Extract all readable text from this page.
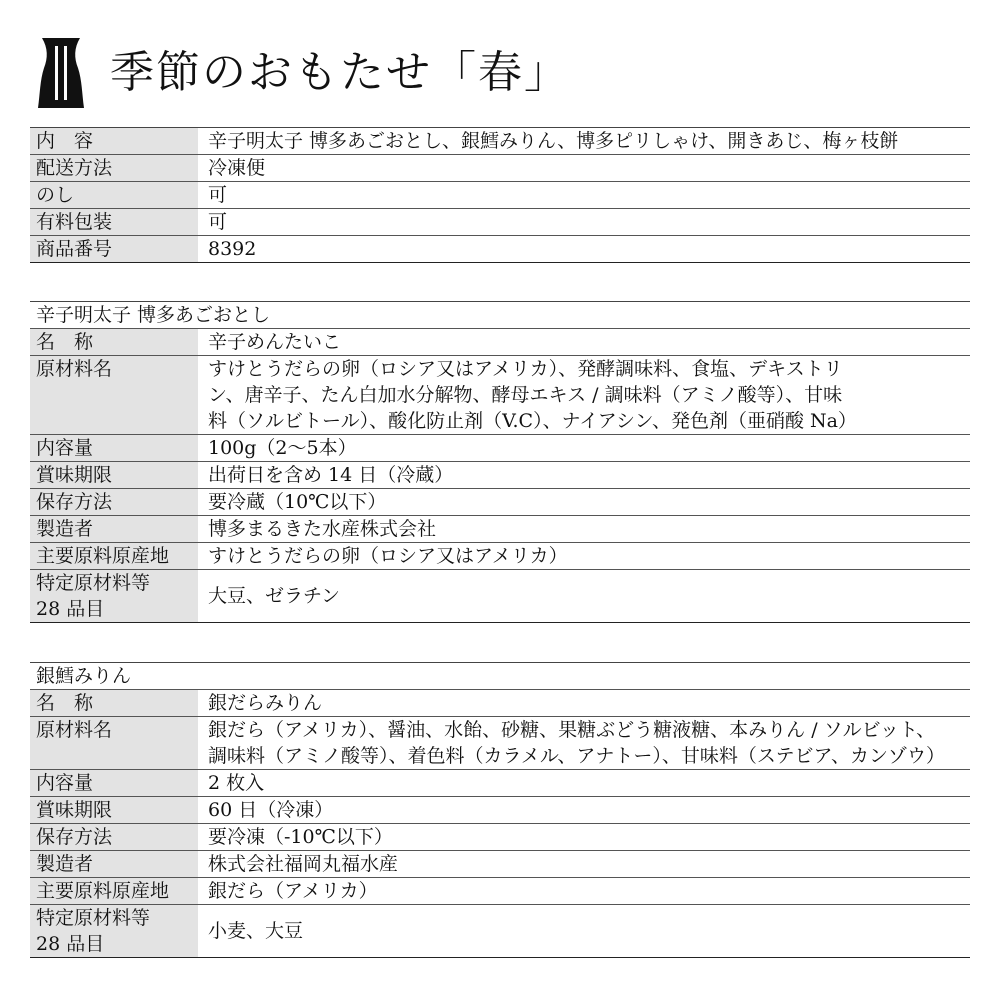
季節のおもたせ「春」
内　容	辛子明太子 博多あごおとし、銀鱈みりん、博多ピリしゃけ、開きあじ、梅ヶ枝餅
配送方法	冷凍便
のし	可
有料包装	可
商品番号	8392
辛子明太子 博多あごおとし	
名　称	辛子めんたいこ
原材料名	すけとうだらの卵（ロシア又はアメリカ）、発酵調味料、食塩、デキストリ
ン、唐辛子、たん白加水分解物、酵母エキス / 調味料（アミノ酸等）、甘味
料（ソルビトール）、酸化防止剤（V.C）、ナイアシン、発色剤（亜硝酸 Na）

内容量	100g（2〜5本）
賞味期限	出荷日を含め 14 日（冷蔵）
保存方法	要冷蔵（10℃以下）
製造者	博多まるきた水産株式会社
主要原料原産地	すけとうだらの卵（ロシア又はアメリカ）

特定原材料等
28 品目	大豆、ゼラチン
銀鱈みりん	
名　称	銀だらみりん
原材料名	銀だら（アメリカ）、醤油、水飴、砂糖、果糖ぶどう糖液糖、本みりん / ソルビット、
調味料（アミノ酸等）、着色料（カラメル、アナトー）、甘味料（ステビア、カンゾウ）

内容量	2 枚入
賞味期限	60 日（冷凍）
保存方法	要冷凍（-10℃以下）
製造者	株式会社福岡丸福水産
主要原料原産地	銀だら（アメリカ）

特定原材料等
28 品目	小麦、大豆
